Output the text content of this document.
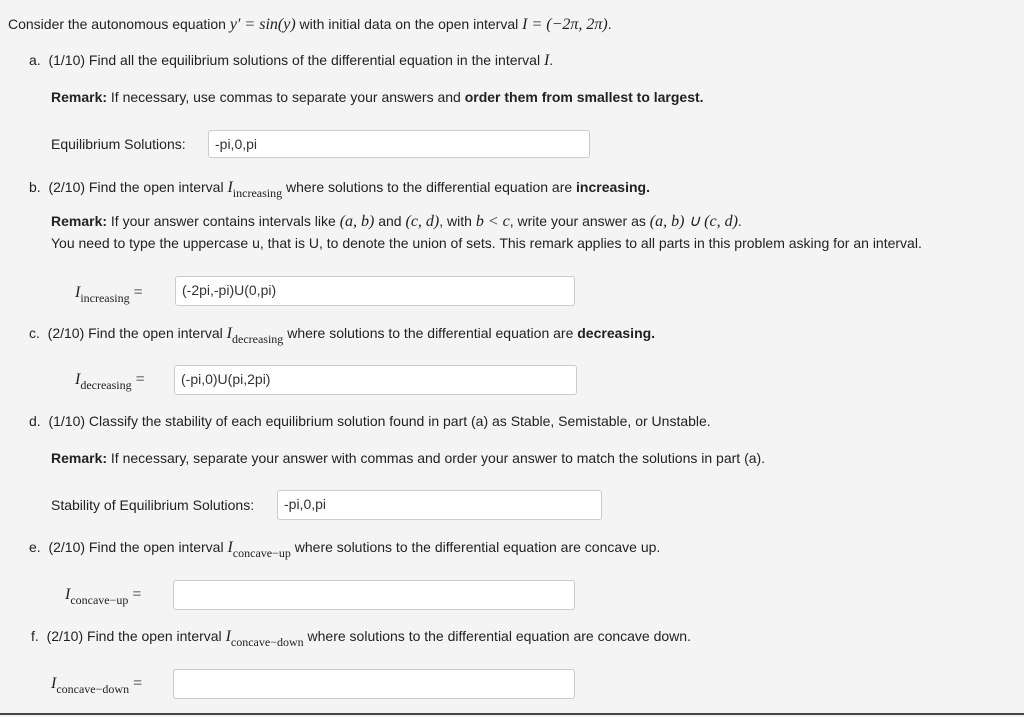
Consider the autonomous equation y′ = sin(y) with initial data on the open interval I = (−2π, 2π).
a. (1/10) Find all the equilibrium solutions of the differential equation in the interval I.
Remark: If necessary, use commas to separate your answers and order them from smallest to largest.
Equilibrium Solutions:	-pi,0,pi
b. (2/10) Find the open interval Iincreasing where solutions to the differential equation are increasing.
Remark: If your answer contains intervals like (a, b) and (c, d), with b < c, write your answer as (a, b) ∪ (c, d).
You need to type the uppercase u, that is U, to denote the union of sets. This remark applies to all parts in this problem asking for an interval.
Iincreasing =	(-2pi,-pi)U(0,pi)
c. (2/10) Find the open interval Idecreasing where solutions to the differential equation are decreasing.
Idecreasing =	(-pi,0)U(pi,2pi)
d. (1/10) Classify the stability of each equilibrium solution found in part (a) as Stable, Semistable, or Unstable.
Remark: If necessary, separate your answer with commas and order your answer to match the solutions in part (a).
Stability of Equilibrium Solutions:	-pi,0,pi
e. (2/10) Find the open interval Iconcave−up where solutions to the differential equation are concave up.
Iconcave−up =
f. (2/10) Find the open interval Iconcave−down where solutions to the differential equation are concave down.
Iconcave−down =
